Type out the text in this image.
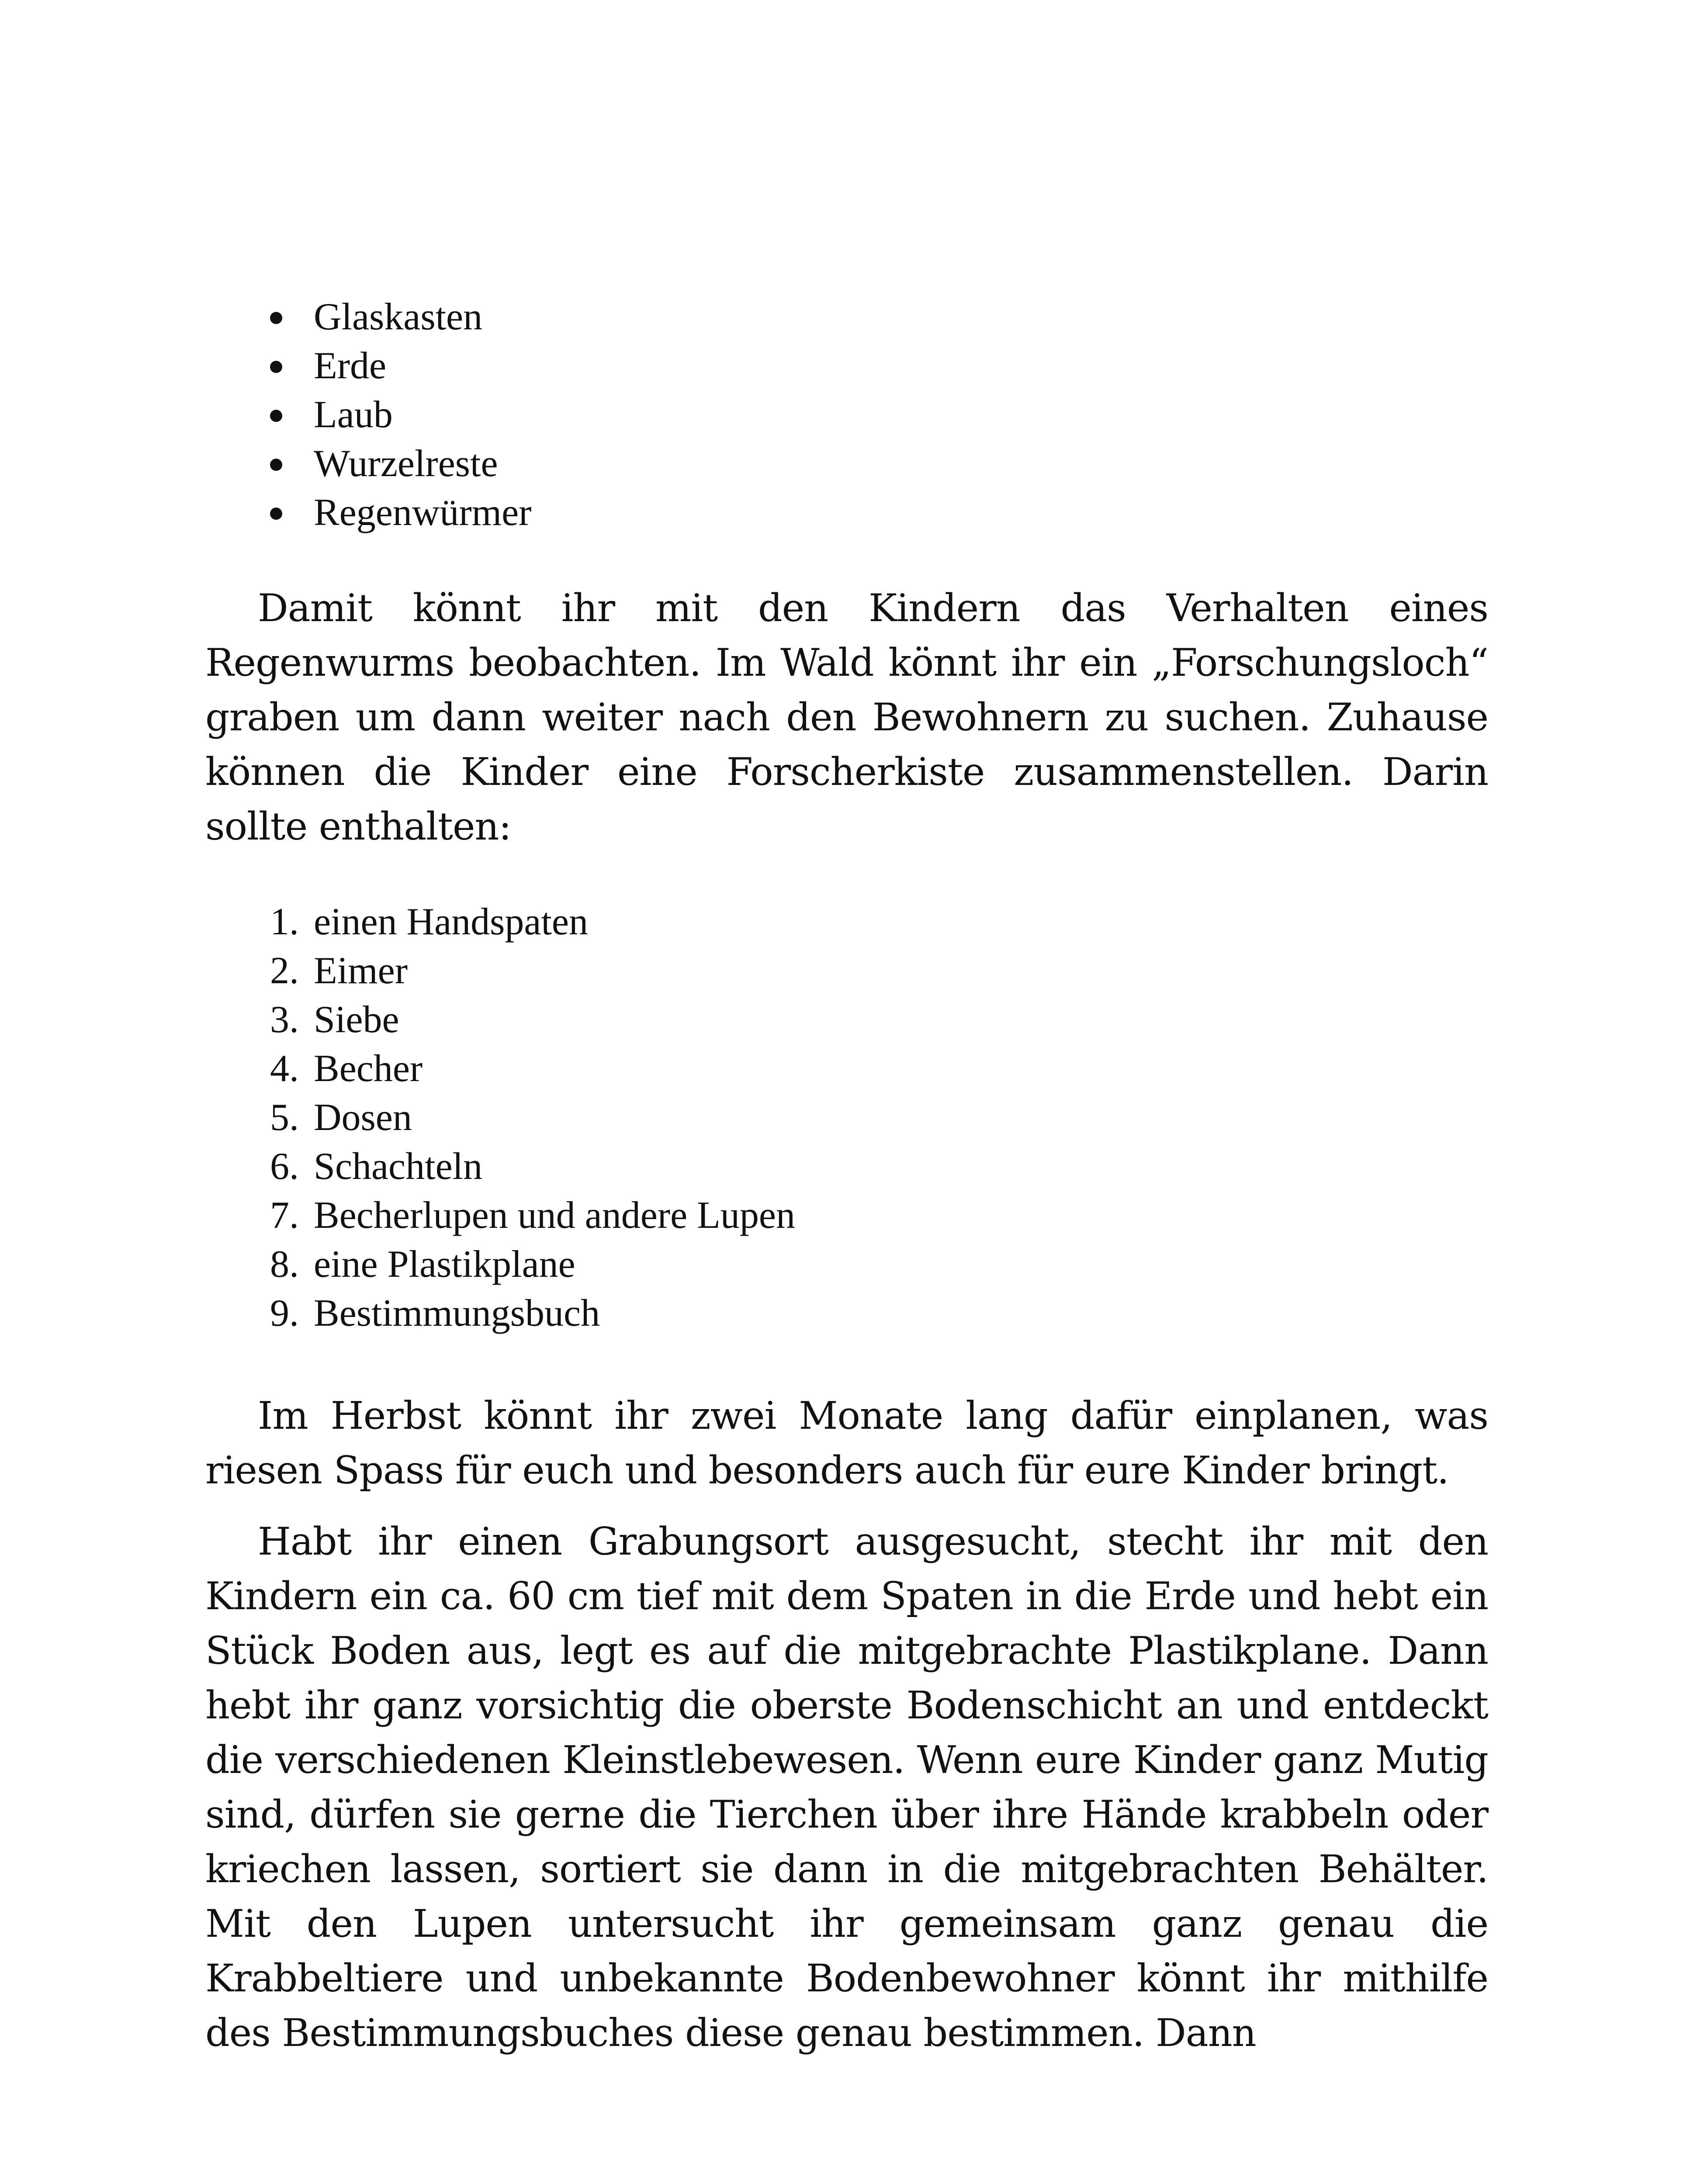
Glaskasten
Erde
Laub
Wurzelreste
Regenwürmer

Damit könnt ihr mit den Kindern das Verhalten eines Regenwurms beobachten. Im Wald könnt ihr ein „Forschungsloch“ graben um dann weiter nach den Bewohnern zu suchen. Zuhause können die Kinder eine Forscherkiste zusammenstellen. Darin sollte enthalten:

1. einen Handspaten
2. Eimer
3. Siebe
4. Becher
5. Dosen
6. Schachteln
7. Becherlupen und andere Lupen
8. eine Plastikplane
9. Bestimmungsbuch

Im Herbst könnt ihr zwei Monate lang dafür einplanen, was riesen Spass für euch und besonders auch für eure Kinder bringt.

Habt ihr einen Grabungsort ausgesucht, stecht ihr mit den Kindern ein ca. 60 cm tief mit dem Spaten in die Erde und hebt ein Stück Boden aus, legt es auf die mitgebrachte Plastikplane. Dann hebt ihr ganz vorsichtig die oberste Bodenschicht an und entdeckt die verschiedenen Kleinstlebewesen. Wenn eure Kinder ganz Mutig sind, dürfen sie gerne die Tierchen über ihre Hände krabbeln oder kriechen lassen, sortiert sie dann in die mitgebrachten Behälter. Mit den Lupen untersucht ihr gemeinsam ganz genau die Krabbeltiere und unbekannte Bodenbewohner könnt ihr mithilfe des Bestimmungsbuches diese genau bestimmen. Dann
